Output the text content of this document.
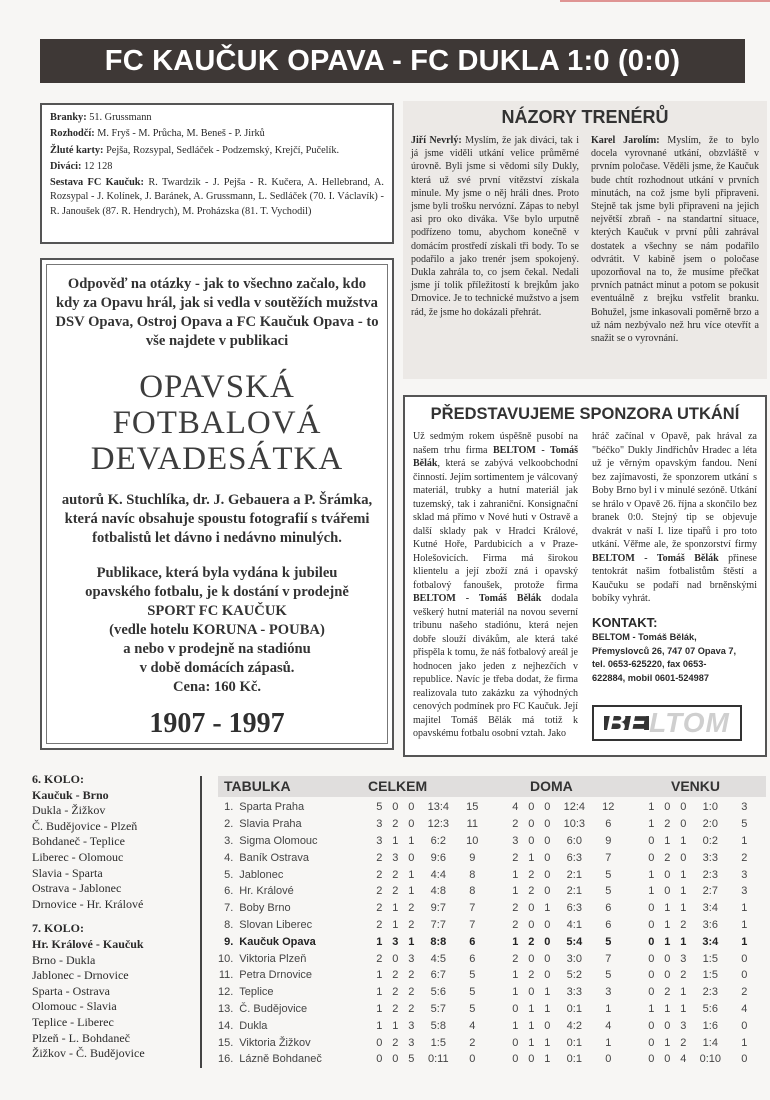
FC KAUČUK OPAVA - FC DUKLA 1:0 (0:0)

Branky: 51. Grussmann

Rozhodčí: M. Fryš - M. Průcha, M. Beneš - P. Jirků

Žluté karty: Pejša, Rozsypal, Sedláček - Podzemský, Krejčí, Pučelík.

Diváci: 12 128

Sestava FC Kaučuk: R. Twardzik - J. Pejša - R. Kučera, A. Hellebrand, A. Rozsypal - J. Kolínek, J. Baránek, A. Grussmann, L. Sedláček (70. I. Václavík) - R. Janoušek (87. R. Hendrych), M. Proházska (81. T. Vychodil)

Odpověď na otázky - jak to všechno začalo, kdo kdy za Opavu hrál, jak si vedla v soutěžích mužstva DSV Opava, Ostroj Opava a FC Kaučuk Opava - to vše najdete v publikaci
OPAVSKÁ
FOTBALOVÁ
DEVADESÁTKA
autorů K. Stuchlíka, dr. J. Gebauera a P. Šrámka, která navíc obsahuje spoustu fotografií s tvářemi fotbalistů let dávno i nedávno minulých.
Publikace, která byla vydána k jubileu
opavského fotbalu, je k dostání v prodejně
SPORT FC KAUČUK
(vedle hotelu KORUNA - POUBA)
a nebo v prodejně na stadiónu
v době domácích zápasů.
Cena: 160 Kč.
1907 - 1997
NÁZORY TRENÉRŮ

Jiří Nevrlý: Myslím, že jak diváci, tak i já jsme viděli utkání velice průměrné úrovně. Byli jsme si vědomi síly Dukly, která už své první vítězství získala minule. My jsme o něj hráli dnes. Proto jsme byli trošku nervózní. Zápas to nebyl asi pro oko diváka. Vše bylo urputně podřízeno tomu, abychom konečně v domácím prostředí získali tři body. To se podařilo a jako trenér jsem spokojený. Dukla zahrála to, co jsem čekal. Nedali jsme jí tolik příležitostí k brejkům jako Drnovice. Je to technické mužstvo a jsem rád, že jsme ho dokázali přehrát.

Karel Jarolím: Myslím, že to bylo docela vyrovnané utkání, obzvláště v prvním poločase. Věděli jsme, že Kaučuk bude chtít rozhodnout utkání v prvních minutách, na což jsme byli připraveni. Stejně tak jsme byli připraveni na jejich největší zbraň - na standartní situace, kterých Kaučuk v první půli zahrával dostatek a všechny se nám podařilo odvrátit. V kabině jsem o poločase upozorňoval na to, že musíme přečkat prvních patnáct minut a potom se pokusit eventuálně z brejku vstřelit branku. Bohužel, jsme inkasovali poměrně brzo a už nám nezbývalo než hru více otevřít a snažit se o vyrovnání.

PŘEDSTAVUJEME SPONZORA UTKÁNÍ
Už sedmým rokem úspěšně pusobí na našem trhu firma BELTOM - Tomáš Bělák, která se zabývá velkoobchodní činností. Jejím sortimentem je válcovaný materiál, trubky a hutní materiál jak tuzemský, tak i zahraniční. Konsignační sklad má přímo v Nové huti v Ostravě a další sklady pak v Hradci Králové, Kutné Hoře, Pardubicích a v Praze-Holešovicích. Firma má širokou klientelu a její zboží zná i opavský fotbalový fanoušek, protože firma BELTOM - Tomáš Bělák dodala veškerý hutní materiál na novou severní tribunu našeho stadiónu, která nejen dobře slouží divákům, ale která také přispěla k tomu, že náš fotbalový areál je hodnocen jako jeden z nejhezčích v republice. Navíc je třeba dodat, že firma realizovala tuto zakázku za výhodných cenových podmínek pro FC Kaučuk. Její majitel Tomáš Bělák má totiž k opavskému fotbalu osobní vztah. Jako
hráč začínal v Opavě, pak hrával za "béčko" Dukly Jindřichův Hradec a léta už je věrným opavským fandou. Není bez zajímavosti, že sponzorem utkání s Boby Brno byl i v minulé sezóně. Utkání se hrálo v Opavě 26. října a skončilo bez branek 0:0. Stejný tip se objevuje dvakrát v naší I. lize tipařů i pro toto utkání. Věřme ale, že sponzorství firmy BELTOM - Tomáš Bělák přinese tentokrát našim fotbalistům štěstí a Kaučuku se podaří nad brněnskými bobíky vyhrát.
KONTAKT:
BELTOM - Tomáš Bělák,
Přemyslovců 26, 747 07 Opava 7,
tel. 0653-625220, fax 0653-
622884, mobil 0601-524987
BE LTOM
6. KOLO:
Kaučuk - Brno
Dukla - Žižkov
Č. Budějovice - Plzeň
Bohdaneč - Teplice
Liberec - Olomouc
Slavia - Sparta
Ostrava - Jablonec
Drnovice - Hr. Králové
7. KOLO:
Hr. Králové - Kaučuk
Brno - Dukla
Jablonec - Drnovice
Sparta - Ostrava
Olomouc - Slavia
Teplice - Liberec
Plzeň - L. Bohdaneč
Žižkov - Č. Budějovice
TABULKA	CELKEM	DOMA	VENKU
1.	Sparta Praha	5	0	0	13:4	15		4	0	0	12:4	12		1	0	0	1:0	3
2.	Slavia Praha	3	2	0	12:3	11		2	0	0	10:3	6		1	2	0	2:0	5
3.	Sigma Olomouc	3	1	1	6:2	10		3	0	0	6:0	9		0	1	1	0:2	1
4.	Baník Ostrava	2	3	0	9:6	9		2	1	0	6:3	7		0	2	0	3:3	2
5.	Jablonec	2	2	1	4:4	8		1	2	0	2:1	5		1	0	1	2:3	3
6.	Hr. Králové	2	2	1	4:8	8		1	2	0	2:1	5		1	0	1	2:7	3
7.	Boby Brno	2	1	2	9:7	7		2	0	1	6:3	6		0	1	1	3:4	1
8.	Slovan Liberec	2	1	2	7:7	7		2	0	0	4:1	6		0	1	2	3:6	1
9.	Kaučuk Opava	1	3	1	8:8	6		1	2	0	5:4	5		0	1	1	3:4	1
10.	Viktoria Plzeň	2	0	3	4:5	6		2	0	0	3:0	7		0	0	3	1:5	0
11.	Petra Drnovice	1	2	2	6:7	5		1	2	0	5:2	5		0	0	2	1:5	0
12.	Teplice	1	2	2	5:6	5		1	0	1	3:3	3		0	2	1	2:3	2
13.	Č. Budějovice	1	2	2	5:7	5		0	1	1	0:1	1		1	1	1	5:6	4
14.	Dukla	1	1	3	5:8	4		1	1	0	4:2	4		0	0	3	1:6	0
15.	Viktoria Žižkov	0	2	3	1:5	2		0	1	1	0:1	1		0	1	2	1:4	1
16.	Lázně Bohdaneč	0	0	5	0:11	0		0	0	1	0:1	0		0	0	4	0:10	0
